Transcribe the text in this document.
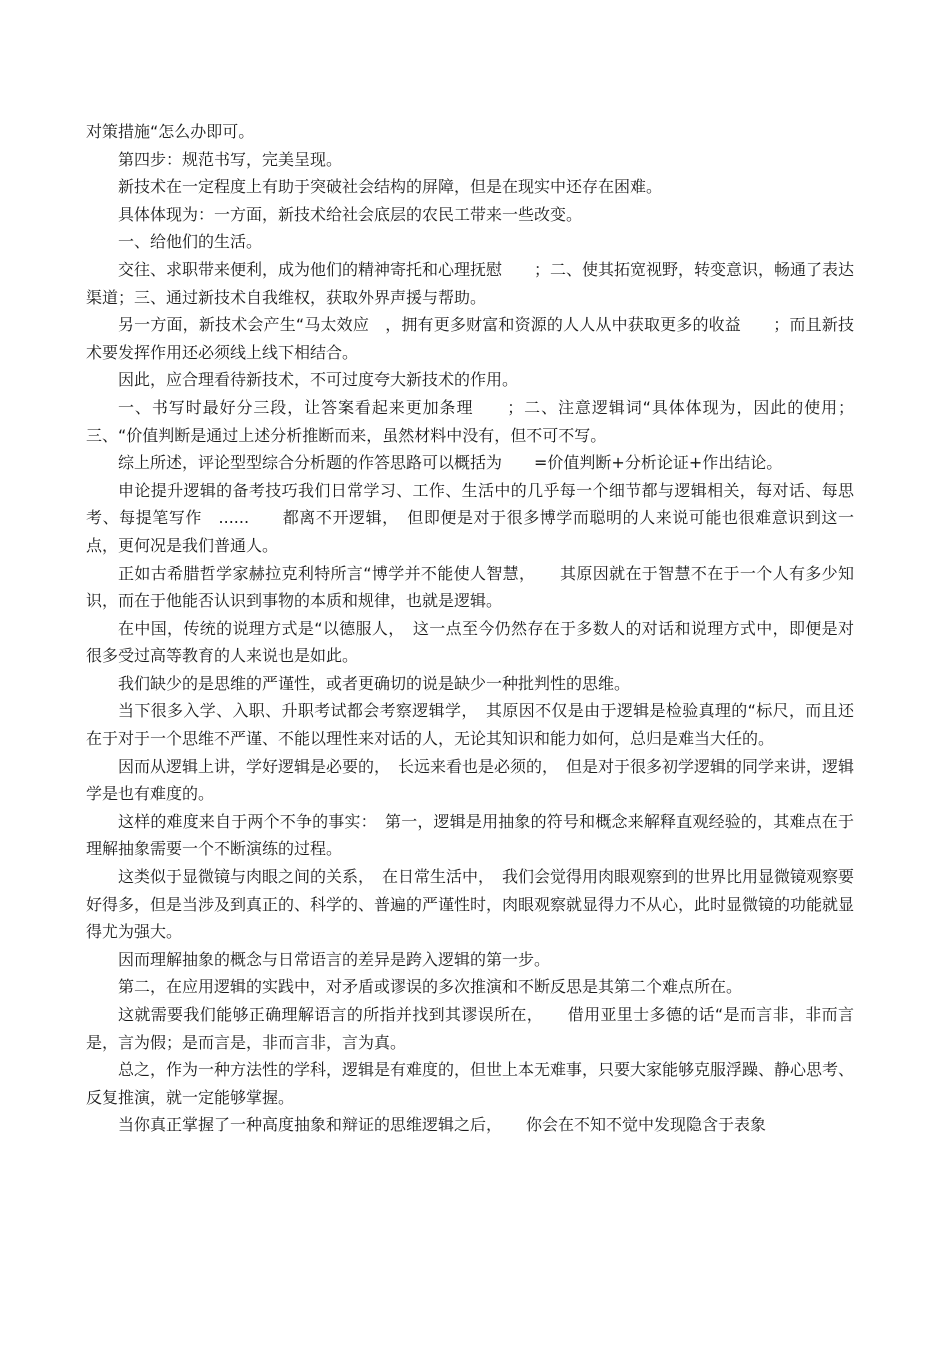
对策措施“怎么办即可。

第四步：规范书写，完美呈现。

新技术在一定程度上有助于突破社会结构的屏障，但是在现实中还存在困难。

具体体现为：一方面，新技术给社会底层的农民工带来一些改变。

一、给他们的生活。

交往、求职带来便利，成为他们的精神寄托和心理抚慰　　；二、使其拓宽视野，转变意识，畅通了表达渠道；三、通过新技术自我维权，获取外界声援与帮助。

另一方面，新技术会产生“马太效应　，拥有更多财富和资源的人人从中获取更多的收益　　；而且新技术要发挥作用还必须线上线下相结合。

因此，应合理看待新技术，不可过度夸大新技术的作用。

一、书写时最好分三段，让答案看起来更加条理　　；二、注意逻辑词“具体体现为，因此的使用；三、“价值判断是通过上述分析推断而来，虽然材料中没有，但不可不写。

综上所述，评论型型综合分析题的作答思路可以概括为　　=价值判断+分析论证+作出结论。

申论提升逻辑的备考技巧我们日常学习、工作、生活中的几乎每一个细节都与逻辑相关，每对话、每思考、每提笔写作　......　　都离不开逻辑，　但即便是对于很多博学而聪明的人来说可能也很难意识到这一点，更何况是我们普通人。

正如古希腊哲学家赫拉克利特所言“博学并不能使人智慧，　　其原因就在于智慧不在于一个人有多少知识，而在于他能否认识到事物的本质和规律，也就是逻辑。

在中国，传统的说理方式是“以德服人，　这一点至今仍然存在于多数人的对话和说理方式中，即便是对很多受过高等教育的人来说也是如此。

我们缺少的是思维的严谨性，或者更确切的说是缺少一种批判性的思维。

当下很多入学、入职、升职考试都会考察逻辑学，　其原因不仅是由于逻辑是检验真理的“标尺，而且还在于对于一个思维不严谨、不能以理性来对话的人，无论其知识和能力如何，总归是难当大任的。

因而从逻辑上讲，学好逻辑是必要的，　长远来看也是必须的，　但是对于很多初学逻辑的同学来讲，逻辑学是也有难度的。

这样的难度来自于两个不争的事实：　第一，逻辑是用抽象的符号和概念来解释直观经验的，其难点在于理解抽象需要一个不断演练的过程。

这类似于显微镜与肉眼之间的关系，　在日常生活中，　我们会觉得用肉眼观察到的世界比用显微镜观察要好得多，但是当涉及到真正的、科学的、普遍的严谨性时，肉眼观察就显得力不从心，此时显微镜的功能就显得尤为强大。

因而理解抽象的概念与日常语言的差异是跨入逻辑的第一步。

第二，在应用逻辑的实践中，对矛盾或谬误的多次推演和不断反思是其第二个难点所在。

这就需要我们能够正确理解语言的所指并找到其谬误所在，　　借用亚里士多德的话“是而言非，非而言是，言为假；是而言是，非而言非，言为真。

总之，作为一种方法性的学科，逻辑是有难度的，但世上本无难事，只要大家能够克服浮躁、静心思考、反复推演，就一定能够掌握。

当你真正掌握了一种高度抽象和辩证的思维逻辑之后，　　你会在不知不觉中发现隐含于表象
